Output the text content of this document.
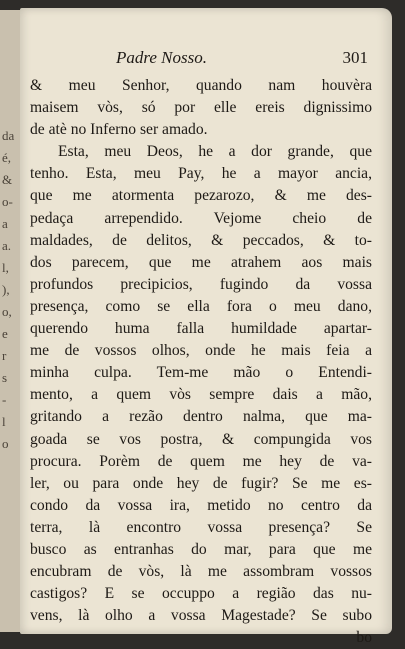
da
é,
&
o-
a
a.
l,
),
o,
e
r
s
-
l
o
Padre Nosso.	301
& meu Senhor, quando nam houvèra
maisem vòs, só por elle ereis dignissimo
de atè no Inferno ser amado.
Esta, meu Deos, he a dor grande, que
tenho. Esta, meu Pay, he a mayor ancia,
que me atormenta pezarozo, & me des-
pedaça arrependido. Vejome cheio de
maldades, de delitos, & peccados, & to-
dos parecem, que me atrahem aos mais
profundos precipicios, fugindo da vossa
presença, como se ella fora o meu dano,
querendo huma falla humildade apartar-
me de vossos olhos, onde he mais feia a
minha culpa. Tem-me mão o Entendi-
mento, a quem vòs sempre dais a mão,
gritando a rezão dentro nalma, que ma-
goada se vos postra, & compungida vos
procura. Porèm de quem me hey de va-
ler, ou para onde hey de fugir? Se me es-
condo da vossa ira, metido no centro da
terra, là encontro vossa presença? Se
busco as entranhas do mar, para que me
encubram de vòs, là me assombram vossos
castigos? E se occuppo a região das nu-
vens, là olho a vossa Magestade? Se subo
bo
